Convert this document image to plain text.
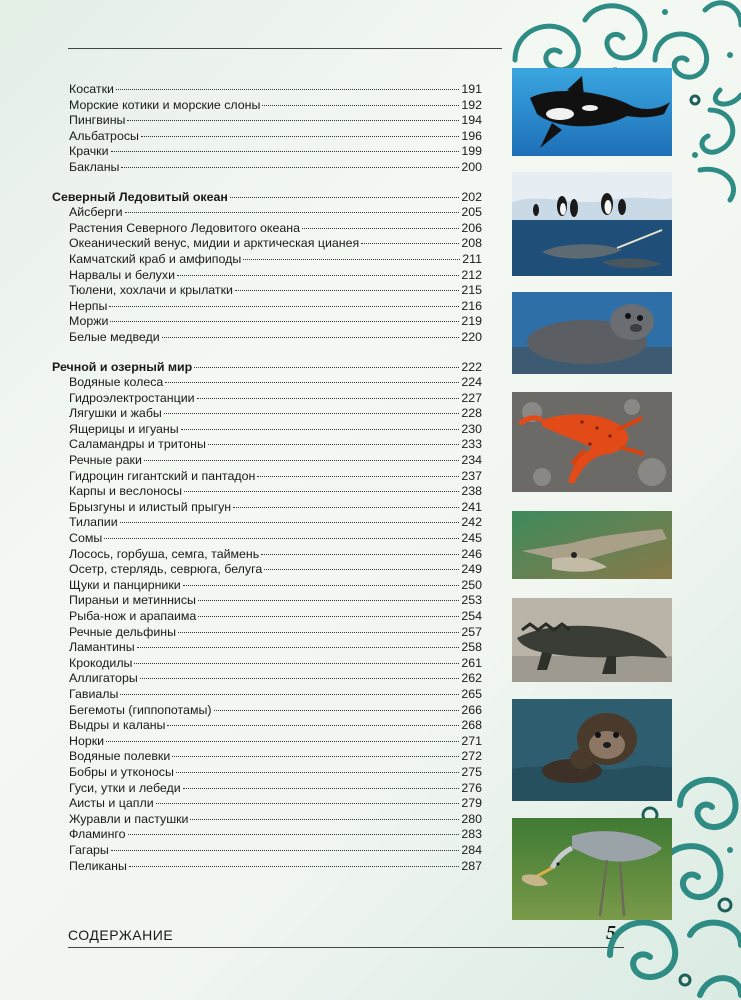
Косатки	191
Морские котики и морские слоны	192
Пингвины	194
Альбатросы	196
Крачки	199
Бакланы	200
Северный Ледовитый океан	202
Айсберги	205
Растения Северного Ледовитого океана	206
Океанический венус, мидии и арктическая цианея	208
Камчатский краб и амфиподы	211
Нарвалы и белухи	212
Тюлени, хохлачи и крылатки	215
Нерпы	216
Моржи	219
Белые медведи	220
Речной и озерный мир	222
Водяные колеса	224
Гидроэлектростанции	227
Лягушки и жабы	228
Ящерицы и игуаны	230
Саламандры и тритоны	233
Речные раки	234
Гидроцин гигантский и пантадон	237
Карпы и веслоносы	238
Брызгуны и илистый прыгун	241
Тилапии	242
Сомы	245
Лосось, горбуша, семга, таймень	246
Осетр, стерлядь, севрюга, белуга	249
Щуки и панцирники	250
Пираньи и метиннисы	253
Рыба-нож и арапаима	254
Речные дельфины	257
Ламантины	258
Крокодилы	261
Аллигаторы	262
Гавиалы	265
Бегемоты (гиппопотамы)	266
Выдры и каланы	268
Норки	271
Водяные полевки	272
Бобры и утконосы	275
Гуси, утки и лебеди	276
Аисты и цапли	279
Журавли и пастушки	280
Фламинго	283
Гагары	284
Пеликаны	287
СОДЕРЖАНИЕ	5
